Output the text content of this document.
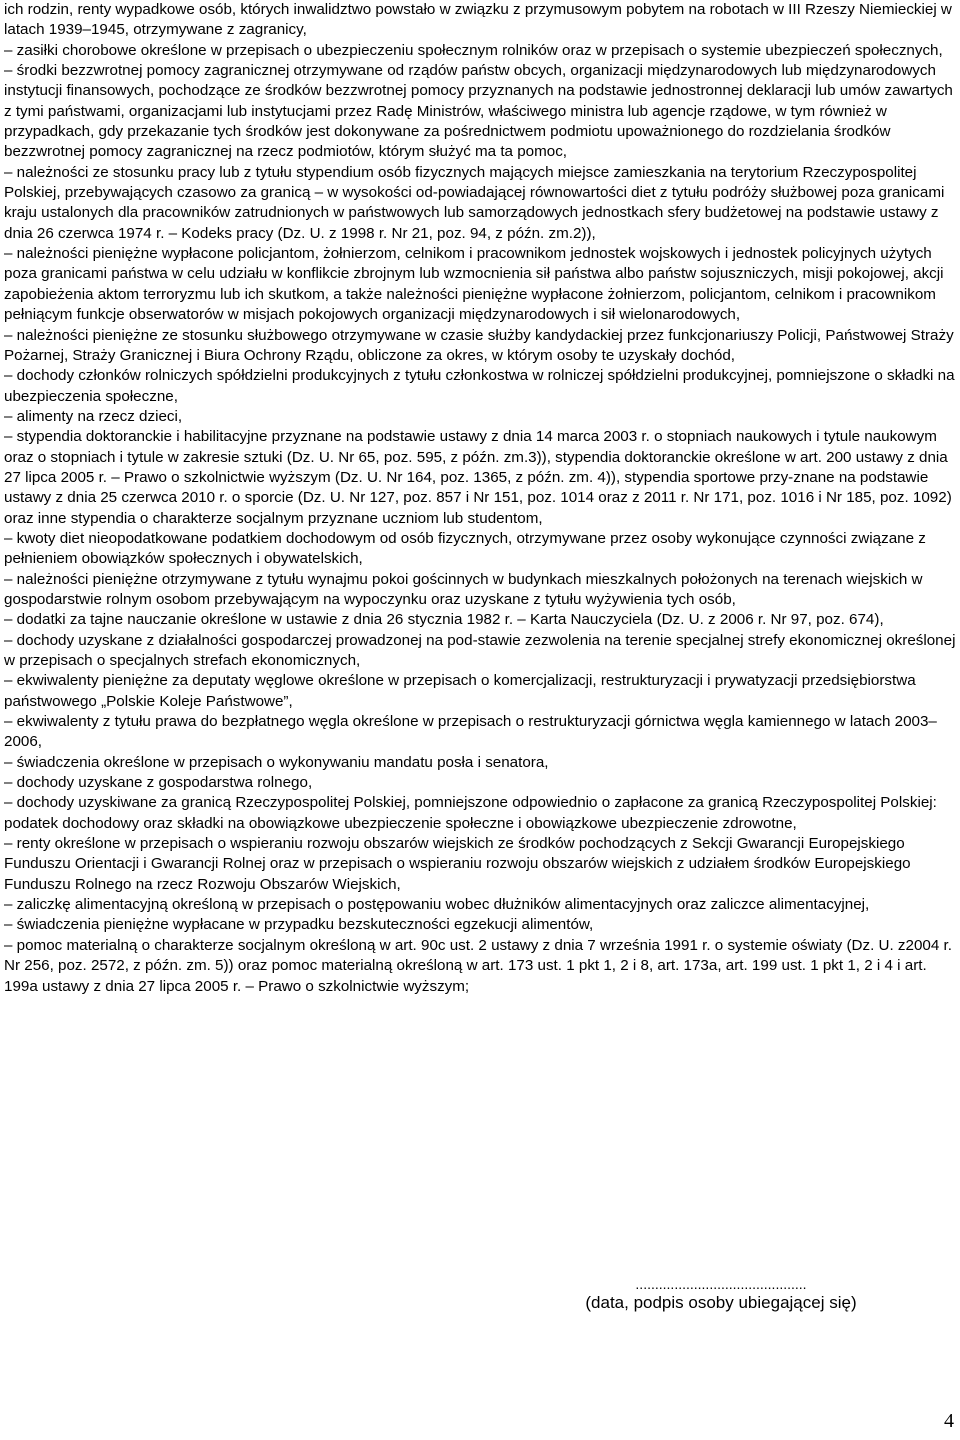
ich rodzin, renty wypadkowe osób, których inwalidztwo powstało w związku z przymusowym pobytem na robotach w III Rzeszy Niemieckiej w latach 1939–1945, otrzymywane z zagranicy,

– zasiłki chorobowe określone w przepisach o ubezpieczeniu społecznym rolników oraz w przepisach o systemie ubezpieczeń społecznych,

– środki bezzwrotnej pomocy zagranicznej otrzymywane od rządów państw obcych, organizacji międzynarodowych lub międzynarodowych instytucji finansowych, pochodzące ze środków bezzwrotnej pomocy przyznanych na podstawie jednostronnej deklaracji lub umów zawartych z tymi państwami, organizacjami lub instytucjami przez Radę Ministrów, właściwego ministra lub agencje rządowe, w tym również w przypadkach, gdy przekazanie tych środków jest dokonywane za pośrednictwem podmiotu upoważnionego do rozdzielania środków bezzwrotnej pomocy zagranicznej na rzecz podmiotów, którym służyć ma ta pomoc,

– należności ze stosunku pracy lub z tytułu stypendium osób fizycznych mających miejsce zamieszkania na terytorium Rzeczypospolitej Polskiej, przebywających czasowo za granicą – w wysokości od-powiadającej równowartości diet z tytułu podróży służbowej poza granicami kraju ustalonych dla pracowników zatrudnionych w państwowych lub samorządowych jednostkach sfery budżetowej na podstawie ustawy z dnia 26 czerwca 1974 r. – Kodeks pracy (Dz. U. z 1998 r. Nr 21, poz. 94, z późn. zm.2)),

– należności pieniężne wypłacone policjantom, żołnierzom, celnikom i pracownikom jednostek wojskowych i jednostek policyjnych użytych poza granicami państwa w celu udziału w konflikcie zbrojnym lub wzmocnienia sił państwa albo państw sojuszniczych, misji pokojowej, akcji zapobieżenia aktom terroryzmu lub ich skutkom, a także należności pieniężne wypłacone żołnierzom, policjantom, celnikom i pracownikom pełniącym funkcje obserwatorów w misjach pokojowych organizacji międzynarodowych i sił wielonarodowych,

– należności pieniężne ze stosunku służbowego otrzymywane w czasie służby kandydackiej przez funkcjonariuszy Policji, Państwowej Straży Pożarnej, Straży Granicznej i Biura Ochrony Rządu, obliczone za okres, w którym osoby te uzyskały dochód,

– dochody członków rolniczych spółdzielni produkcyjnych z tytułu członkostwa w rolniczej spółdzielni produkcyjnej, pomniejszone o składki na ubezpieczenia społeczne,

– alimenty na rzecz dzieci,

– stypendia doktoranckie i habilitacyjne przyznane na podstawie ustawy z dnia 14 marca 2003 r. o stopniach naukowych i tytule naukowym oraz o stopniach i tytule w zakresie sztuki (Dz. U. Nr 65, poz. 595, z późn. zm.3)), stypendia doktoranckie określone w art. 200 ustawy z dnia 27 lipca 2005 r. – Prawo o szkolnictwie wyższym (Dz. U. Nr 164, poz. 1365, z późn. zm. 4)), stypendia sportowe przy-znane na podstawie ustawy z dnia 25 czerwca 2010 r. o sporcie (Dz. U. Nr 127, poz. 857 i Nr 151, poz. 1014 oraz z 2011 r. Nr 171, poz. 1016 i Nr 185, poz. 1092) oraz inne stypendia o charakterze socjalnym przyznane uczniom lub studentom,

– kwoty diet nieopodatkowane podatkiem dochodowym od osób fizycznych, otrzymywane przez osoby wykonujące czynności związane z pełnieniem obowiązków społecznych i obywatelskich,

– należności pieniężne otrzymywane z tytułu wynajmu pokoi gościnnych w budynkach mieszkalnych położonych na terenach wiejskich w gospodarstwie rolnym osobom przebywającym na wypoczynku oraz uzyskane z tytułu wyżywienia tych osób,

– dodatki za tajne nauczanie określone w ustawie z dnia 26 stycznia 1982 r. – Karta Nauczyciela (Dz. U. z 2006 r. Nr 97, poz. 674),

– dochody uzyskane z działalności gospodarczej prowadzonej na pod-stawie zezwolenia na terenie specjalnej strefy ekonomicznej określonej w przepisach o specjalnych strefach ekonomicznych,

– ekwiwalenty pieniężne za deputaty węglowe określone w przepisach o komercjalizacji, restrukturyzacji i prywatyzacji przedsiębiorstwa państwowego „Polskie Koleje Państwowe”,

– ekwiwalenty z tytułu prawa do bezpłatnego węgla określone w przepisach o restrukturyzacji górnictwa węgla kamiennego w latach 2003–2006,

– świadczenia określone w przepisach o wykonywaniu mandatu posła i senatora,

– dochody uzyskane z gospodarstwa rolnego,

– dochody uzyskiwane za granicą Rzeczypospolitej Polskiej, pomniejszone odpowiednio o zapłacone za granicą Rzeczypospolitej Polskiej: podatek dochodowy oraz składki na obowiązkowe ubezpieczenie społeczne i obowiązkowe ubezpieczenie zdrowotne,

– renty określone w przepisach o wspieraniu rozwoju obszarów wiejskich ze środków pochodzących z Sekcji Gwarancji Europejskiego Funduszu Orientacji i Gwarancji Rolnej oraz w przepisach o wspieraniu rozwoju obszarów wiejskich z udziałem środków Europejskiego Funduszu Rolnego na rzecz Rozwoju Obszarów Wiejskich,

– zaliczkę alimentacyjną określoną w przepisach o postępowaniu wobec dłużników alimentacyjnych oraz zaliczce alimentacyjnej,

– świadczenia pieniężne wypłacane w przypadku bezskuteczności egzekucji alimentów,

– pomoc materialną o charakterze socjalnym określoną w art. 90c ust. 2 ustawy z dnia 7 września 1991 r. o systemie oświaty (Dz. U. z2004 r. Nr 256, poz. 2572, z późn. zm. 5)) oraz pomoc materialną określoną w art. 173 ust. 1 pkt 1, 2 i 8, art. 173a, art. 199 ust. 1 pkt 1, 2 i 4 i art. 199a ustawy z dnia 27 lipca 2005 r. – Prawo o szkolnictwie wyższym;

............................................
(data, podpis osoby ubiegającej się)
4
